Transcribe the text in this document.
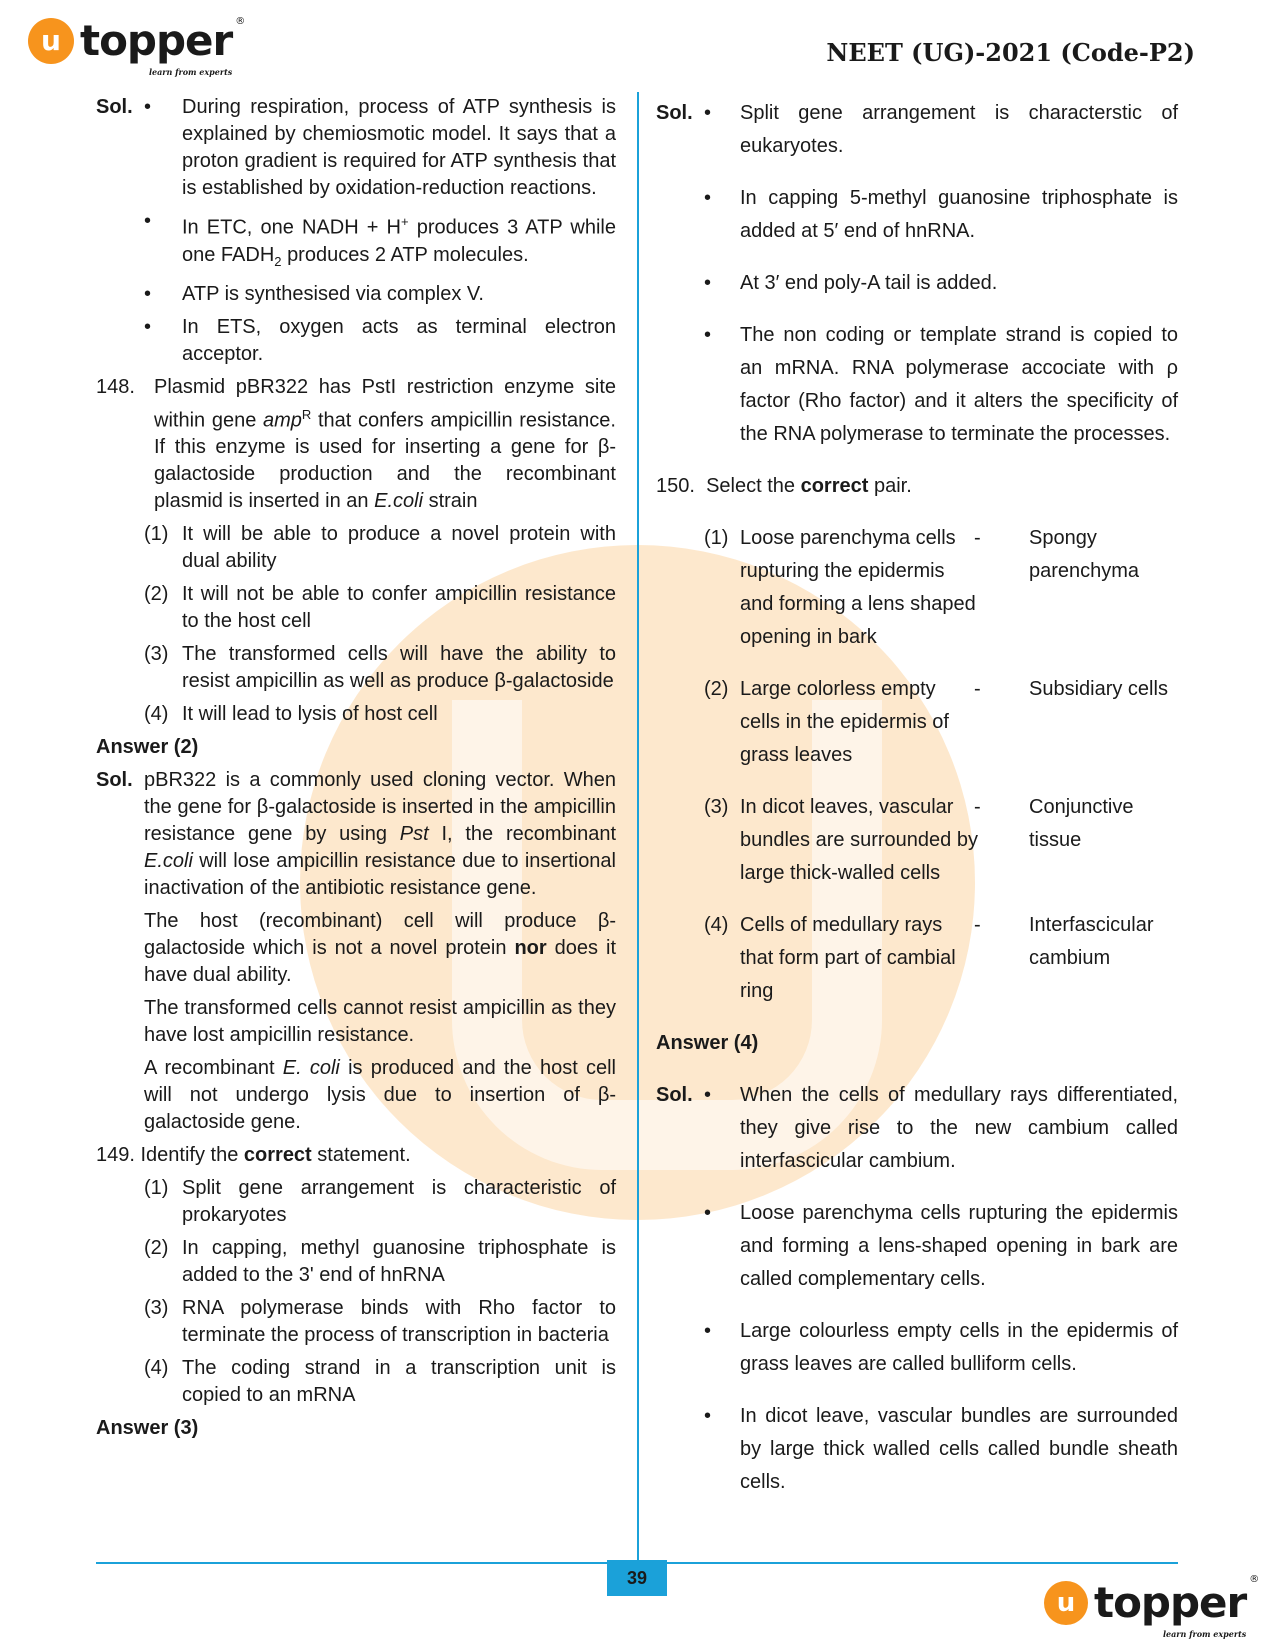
u topper ®
learn from experts
NEET (UG)-2021 (Code-P2)
Sol. • During respiration, process of ATP synthesis is explained by chemiosmotic model. It says that a proton gradient is required for ATP synthesis that is established by oxidation-reduction reactions.
• In ETC, one NADH + H+ produces 3 ATP while one $FADH_2$ produces 2 ATP molecules.
• ATP is synthesised via complex V.
• In ETS, oxygen acts as terminal electron acceptor.
148. Plasmid pBR322 has PstI restriction enzyme site within gene amp$^R$ that confers ampicillin resistance. If this enzyme is used for inserting a gene for β-galactoside production and the recombinant plasmid is inserted in an E.coli strain
(1) It will be able to produce a novel protein with dual ability
(2) It will not be able to confer ampicillin resistance to the host cell
(3) The transformed cells will have the ability to resist ampicillin as well as produce β-galactoside
(4) It will lead to lysis of host cell
Answer (2)
Sol. pBR322 is a commonly used cloning vector. When the gene for β-galactoside is inserted in the ampicillin resistance gene by using Pst I, the recombinant E.coli will lose ampicillin resistance due to insertional inactivation of the antibiotic resistance gene.
The host (recombinant) cell will produce β-galactoside which is not a novel protein nor does it have dual ability.
The transformed cells cannot resist ampicillin as they have lost ampicillin resistance.
A recombinant E. coli is produced and the host cell will not undergo lysis due to insertion of β-galactoside gene.
149. Identify the correct statement.
(1) Split gene arrangement is characteristic of prokaryotes
(2) In capping, methyl guanosine triphosphate is added to the 3' end of hnRNA
(3) RNA polymerase binds with Rho factor to terminate the process of transcription in bacteria
(4) The coding strand in a transcription unit is copied to an mRNA
Answer (3)
Sol. • Split gene arrangement is characterstic of eukaryotes.
• In capping 5-methyl guanosine triphosphate is added at 5′ end of hnRNA.
• At 3′ end poly-A tail is added.
• The non coding or template strand is copied to an mRNA. RNA polymerase accociate with ρ factor (Rho factor) and it alters the specificity of the RNA polymerase to terminate the processes.
150. Select the correct pair.
(1) Loose parenchyma cells rupturing the epidermis and forming a lens shaped opening in bark
- Spongy parenchyma
(2) Large colorless empty cells in the epidermis of grass leaves
- Subsidiary cells
(3) In dicot leaves, vascular bundles are surrounded by large thick-walled cells
- Conjunctive tissue
(4) Cells of medullary rays that form part of cambial ring
- Interfascicular cambium
Answer (4)
Sol. • When the cells of medullary rays differentiated, they give rise to the new cambium called interfascicular cambium.
• Loose parenchyma cells rupturing the epidermis and forming a lens-shaped opening in bark are called complementary cells.
• Large colourless empty cells in the epidermis of grass leaves are called bulliform cells.
• In dicot leave, vascular bundles are surrounded by large thick walled cells called bundle sheath cells.
39
u topper ®
learn from experts
